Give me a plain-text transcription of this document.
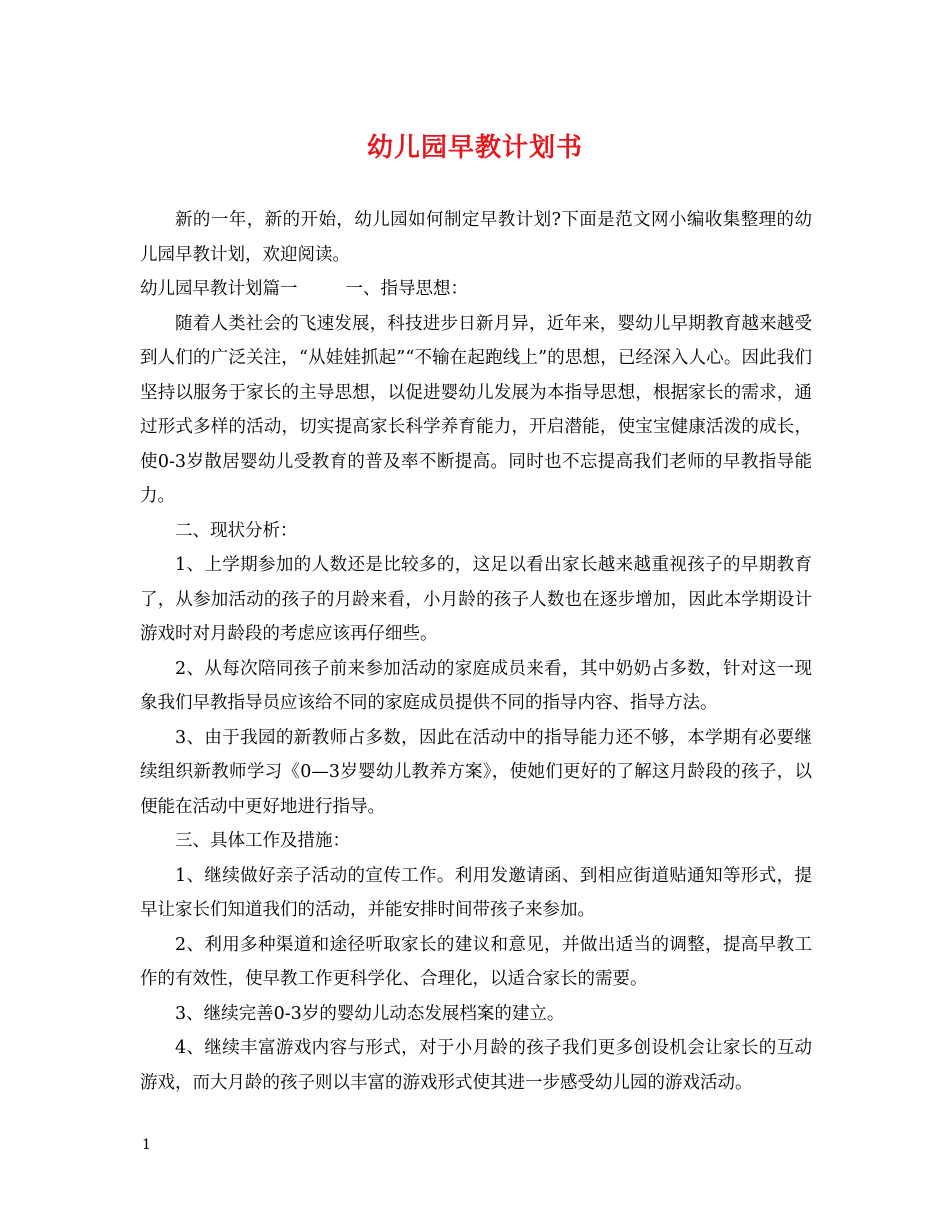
幼儿园早教计划书

新的一年，新的开始，幼儿园如何制定早教计划?下面是范文网小编收集整理的幼儿园早教计划，欢迎阅读。

幼儿园早教计划篇一	一、指导思想：

随着人类社会的飞速发展，科技进步日新月异，近年来，婴幼儿早期教育越来越受到人们的广泛关注，“从娃娃抓起”“不输在起跑线上”的思想，已经深入人心。因此我们坚持以服务于家长的主导思想，以促进婴幼儿发展为本指导思想，根据家长的需求，通过形式多样的活动，切实提高家长科学养育能力，开启潜能，使宝宝健康活泼的成长，使0-3岁散居婴幼儿受教育的普及率不断提高。同时也不忘提高我们老师的早教指导能力。

二、现状分析：

1、上学期参加的人数还是比较多的，这足以看出家长越来越重视孩子的早期教育了，从参加活动的孩子的月龄来看，小月龄的孩子人数也在逐步增加，因此本学期设计游戏时对月龄段的考虑应该再仔细些。

2、从每次陪同孩子前来参加活动的家庭成员来看，其中奶奶占多数，针对这一现象我们早教指导员应该给不同的家庭成员提供不同的指导内容、指导方法。

3、由于我园的新教师占多数，因此在活动中的指导能力还不够，本学期有必要继续组织新教师学习《0—3岁婴幼儿教养方案》，使她们更好的了解这月龄段的孩子，以便能在活动中更好地进行指导。

三、具体工作及措施：

1、继续做好亲子活动的宣传工作。利用发邀请函、到相应街道贴通知等形式，提早让家长们知道我们的活动，并能安排时间带孩子来参加。

2、利用多种渠道和途径听取家长的建议和意见，并做出适当的调整，提高早教工作的有效性，使早教工作更科学化、合理化，以适合家长的需要。

3、继续完善0-3岁的婴幼儿动态发展档案的建立。

4、继续丰富游戏内容与形式，对于小月龄的孩子我们更多创设机会让家长的互动游戏，而大月龄的孩子则以丰富的游戏形式使其进一步感受幼儿园的游戏活动。

1
